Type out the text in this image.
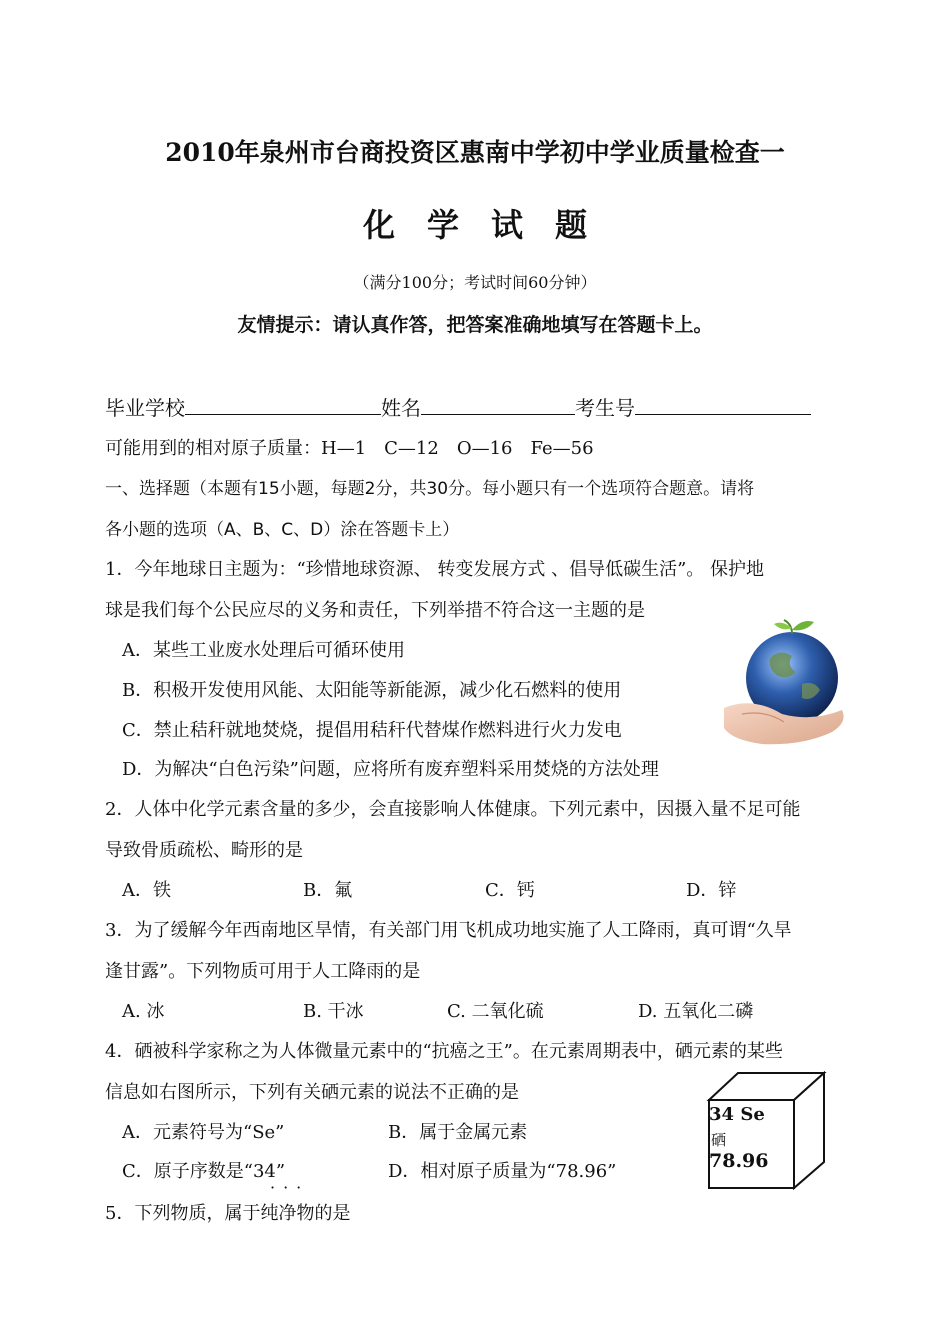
2010年泉州市台商投资区惠南中学初中学业质量检查一
化　学　试　题
（满分100分；考试时间60分钟）
友情提示：请认真作答，把答案准确地填写在答题卡上。
毕业学校	姓名	考生号
可能用到的相对原子质量：H—1　C—12　O—16　Fe—56
一、选择题（本题有15小题，每题2分，共30分。每小题只有一个选项符合题意。请将
各小题的选项（A、B、C、D）涂在答题卡上）
1．今年地球日主题为：“珍惜地球资源、 转变发展方式 、倡导低碳生活”。 保护地
球是我们每个公民应尽的义务和责任，下列举措不符合这一主题的是
A．某些工业废水处理后可循环使用
B．积极开发使用风能、太阳能等新能源，减少化石燃料的使用
C．禁止秸秆就地焚烧，提倡用秸秆代替煤作燃料进行火力发电
D．为解决“白色污染”问题，应将所有废弃塑料采用焚烧的方法处理
2．人体中化学元素含量的多少，会直接影响人体健康。下列元素中，因摄入量不足可能
导致骨质疏松、畸形的是
A．铁	B．氟	C．钙	D．锌
3．为了缓解今年西南地区旱情，有关部门用飞机成功地实施了人工降雨，真可谓“久旱
逢甘露”。下列物质可用于人工降雨的是
A. 冰	B. 干冰	C. 二氧化硫	D. 五氧化二磷
4．硒被科学家称之为人体微量元素中的“抗癌之王”。在元素周期表中，硒元素的某些
信息如右图所示，下列有关硒元素的说法不正确的是
A．元素符号为“Se”	B．属于金属元素
C．原子序数是“34”	D．相对原子质量为“78.96”
···
34 Se
硒
78.96
5．下列物质，属于纯净物的是
